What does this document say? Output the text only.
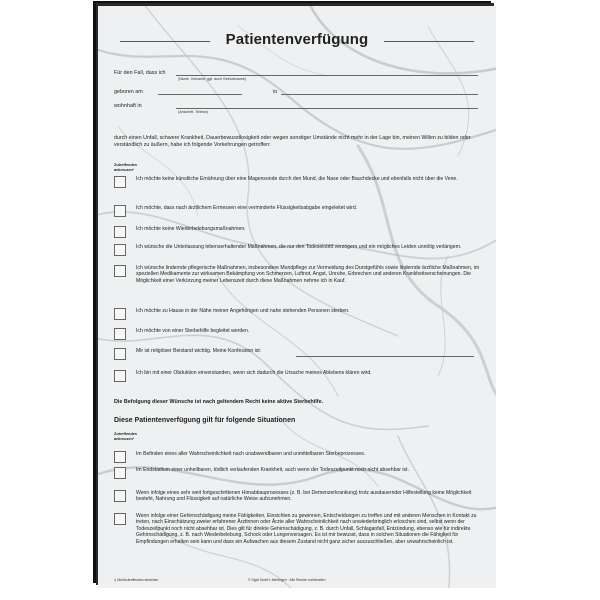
Patientenverfügung
Für den Fall, dass ich
(Name, Vorname, ggf. auch Geburtsname)
geboren am	in
wohnhaft in
(Anschrift, Telefon)
durch einen Unfall, schwere Krankheit, Dauerbewusstlosigkeit oder wegen sonstiger Umstände nicht mehr in der Lage bin, meinen Willen zu bilden oder verständlich zu äußern, habe ich folgende Vorkehrungen getroffen:
Zutreffendes ankreuzen¹
Ich möchte keine künstliche Ernährung über eine Magensonde durch den Mund, die Nase oder Bauchdecke und ebenfalls nicht über die Vene.
Ich möchte, dass nach ärztlichem Ermessen eine verminderte Flüssigkeitsabgabe eingeleitet wird.
Ich möchte keine Wiederbelebungsmaßnahmen.
Ich wünsche die Unterlassung lebenserhaltender Maßnahmen, die nur den Todeseintritt verzögern und ein mögliches Leiden unnötig verlängern.
Ich wünsche lindernde pflegerische Maßnahmen, insbesondere Mundpflege zur Vermeidung des Durstgefühls sowie lindernde ärztliche Maßnahmen, im speziellen Medikamente zur wirksamen Bekämpfung von Schmerzen, Luftnot, Angst, Unruhe, Erbrechen und anderen Krankheitserscheinungen. Die Möglichkeit einer Verkürzung meiner Lebenszeit durch diese Maßnahmen nehme ich in Kauf.
Ich möchte zu Hause in der Nähe meiner Angehörigen und nahe stehenden Personen sterben.
Ich möchte von einer Sterbehilfe begleitet werden.
Mir ist religiöser Beistand wichtig. Meine Konfession ist:
Ich bin mit einer Obduktion einverstanden, wenn sich dadurch die Ursache meines Ablebens klären wird.
Die Befolgung dieser Wünsche ist nach geltendem Recht keine aktive Sterbehilfe.
Diese Patientenverfügung gilt für folgende Situationen
Zutreffendes ankreuzen¹
Im Befinden eines aller Wahrscheinlichkeit nach unabwendbaren und unmittelbaren Sterbeprozesses.
Im Endstadium einer unheilbaren, tödlich verlaufenden Krankheit, auch wenn der Todeszeitpunkt noch nicht absehbar ist.
Wenn infolge eines sehr weit fortgeschrittenen Hirnabbauprozesses (z. B. bei Demenzerkrankung) trotz ausdauernder Hilfestellung keine Möglichkeit besteht, Nahrung und Flüssigkeit auf natürliche Weise aufzunehmen.
Wenn infolge einer Gehirnschädigung meine Fähigkeiten, Einsichten zu gewinnen, Entscheidungen zu treffen und mit anderen Menschen in Kontakt zu treten, nach Einschätzung zweier erfahrener Ärztinnen oder Ärzte aller Wahrscheinlichkeit nach unwiederbringlich erloschen sind, selbst wenn der Todeszeitpunkt noch nicht absehbar ist. Dies gilt für direkte Gehirnschädigung, z. B. durch Unfall, Schlaganfall, Entzündung, ebenso wie für indirekte Gehirnschädigung, z. B. nach Wiederbelebung, Schock oder Lungenversagen. Es ist mir bewusst, dass in solchen Situationen die Fähigkeit für Empfindungen erhalten sein kann und dass ein Aufwachen aus diesem Zustand nicht ganz sicher auszuschließen, aber unwahrscheinlich ist.
¹) Nichtzutreffendes streichen	© Sigel GmbH, Mertingen · Alle Rechte vorbehalten
